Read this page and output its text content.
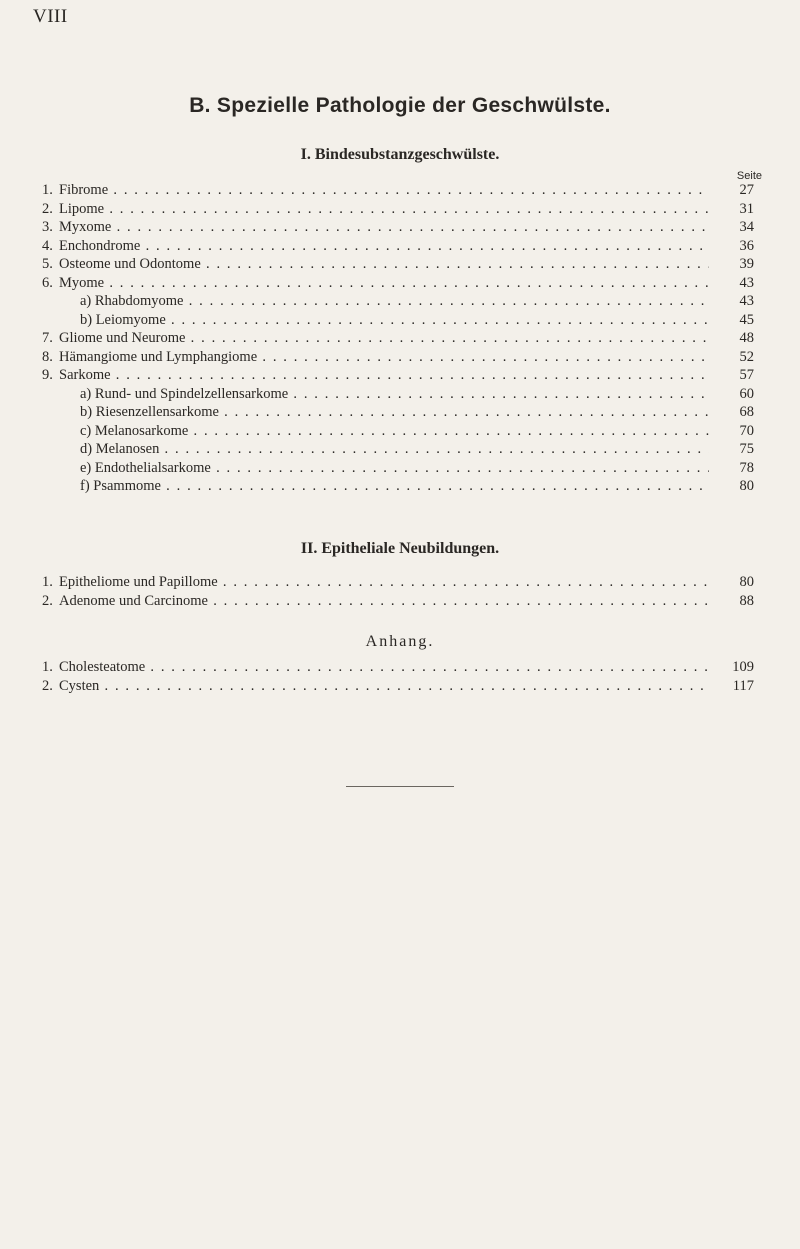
VIII
B. Spezielle Pathologie der Geschwülste.
I. Bindesubstanzgeschwülste.
Seite
1. Fibrome . . .	27
2. Lipome . . .	31
3. Myxome . . .	34
4. Enchondrome . . .	36
5. Osteome und Odontome . . .	39
6. Myome . . .	43
a) Rhabdomyome . . .	43
b) Leiomyome . . .	45
7. Gliome und Neurome . . .	48
8. Hämangiome und Lymphangiome . . .	52
9. Sarkome . . .	57
a) Rund- und Spindelzellensarkome . . .	60
b) Riesenzellensarkome . . .	68
c) Melanosarkome . . .	70
d) Melanosen . . .	75
e) Endothelialsarkome . . .	78
f) Psammome . . .	80
II. Epitheliale Neubildungen.
1. Epitheliome und Papillome . . .	80
2. Adenome und Carcinome . . .	88
Anhang.
1. Cholesteatome . . .	109
2. Cysten . . .	117
